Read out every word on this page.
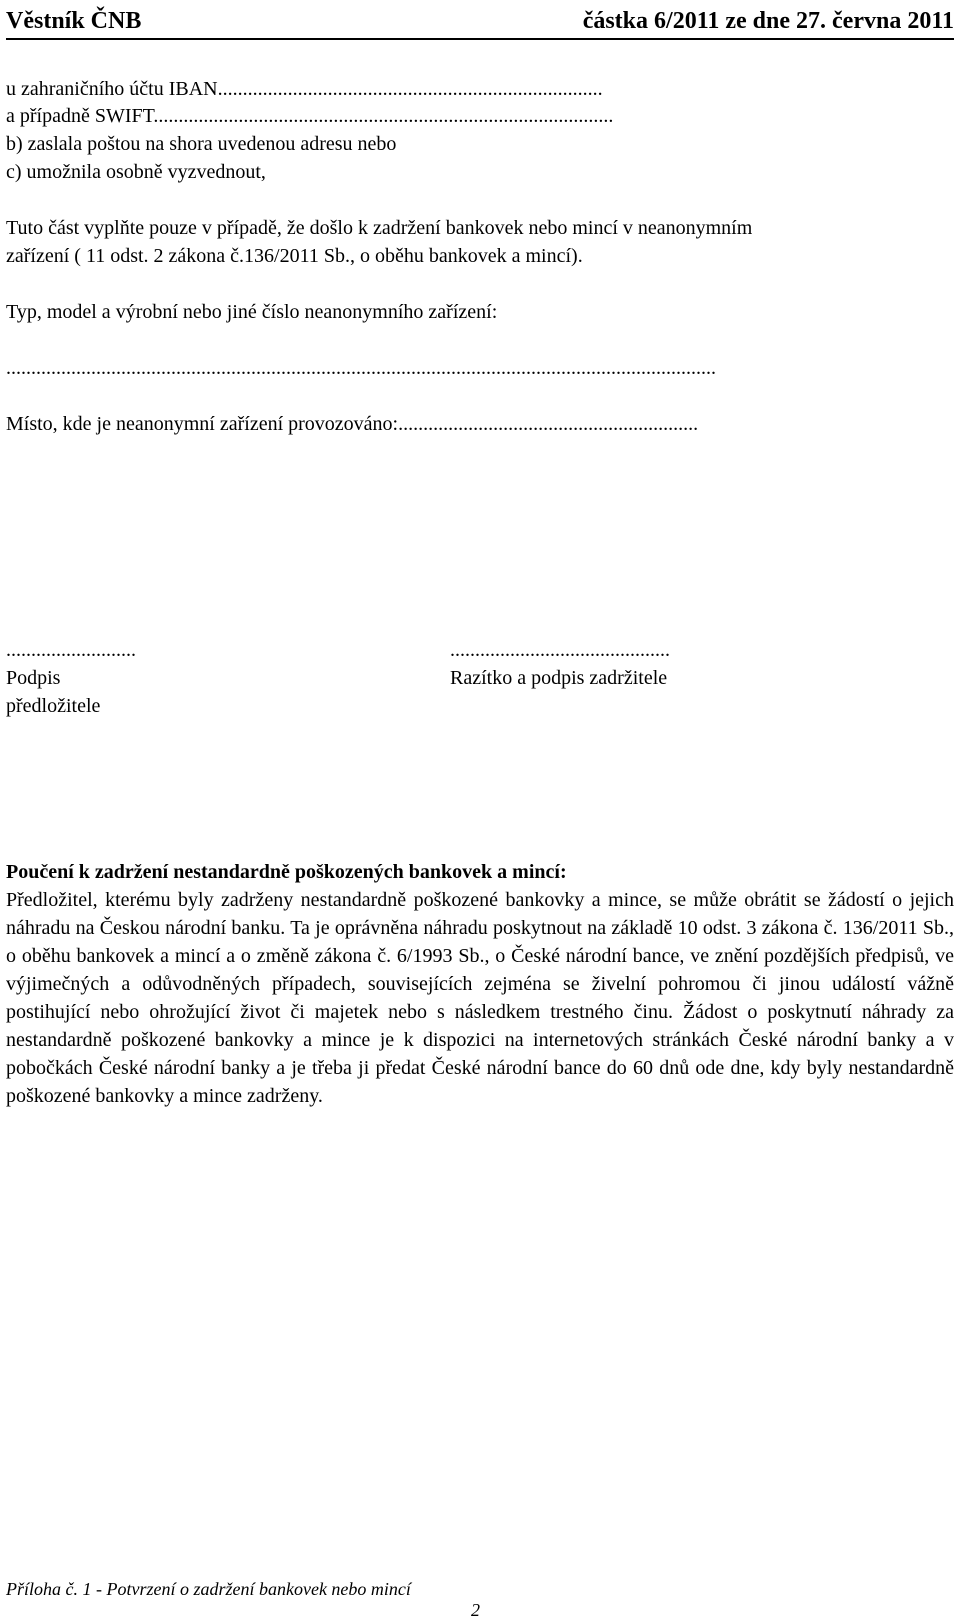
Věstník ČNB	částka 6/2011 ze dne 27. června 2011
u zahraničního účtu IBAN.............................................................................
a případně SWIFT............................................................................................
b) zaslala poštou na shora uvedenou adresu nebo
c) umožnila osobně vyzvednout,
Tuto část vyplňte pouze v případě, že došlo k zadržení bankovek nebo mincí v neanonymním
zařízení ( 11 odst. 2 zákona č.136/2011 Sb., o oběhu bankovek a mincí).
Typ, model a výrobní nebo jiné číslo neanonymního zařízení:
..............................................................................................................................................
Místo, kde je neanonymní zařízení provozováno:............................................................
..........................
Podpis
předložitele
............................................
Razítko a podpis zadržitele
Poučení k zadržení nestandardně poškozených bankovek a mincí:
Předložitel, kterému byly zadrženy nestandardně poškozené bankovky a mince, se může obrátit se žádostí o jejich náhradu na Českou národní banku. Ta je oprávněna náhradu poskytnout na základě 10 odst. 3 zákona č. 136/2011 Sb., o oběhu bankovek a mincí a o změně zákona č. 6/1993 Sb., o České národní bance, ve znění pozdějších předpisů, ve výjimečných a odůvodněných případech, souvisejících zejména se živelní pohromou či jinou událostí vážně postihující nebo ohrožující život či majetek nebo s následkem trestného činu. Žádost o poskytnutí náhrady za nestandardně poškozené bankovky a mince je k dispozici na internetových stránkách České národní banky a v pobočkách České národní banky a je třeba ji předat České národní bance do 60 dnů ode dne, kdy byly nestandardně poškozené bankovky a mince zadrženy.
Příloha č. 1 - Potvrzení o zadržení bankovek nebo mincí
2
